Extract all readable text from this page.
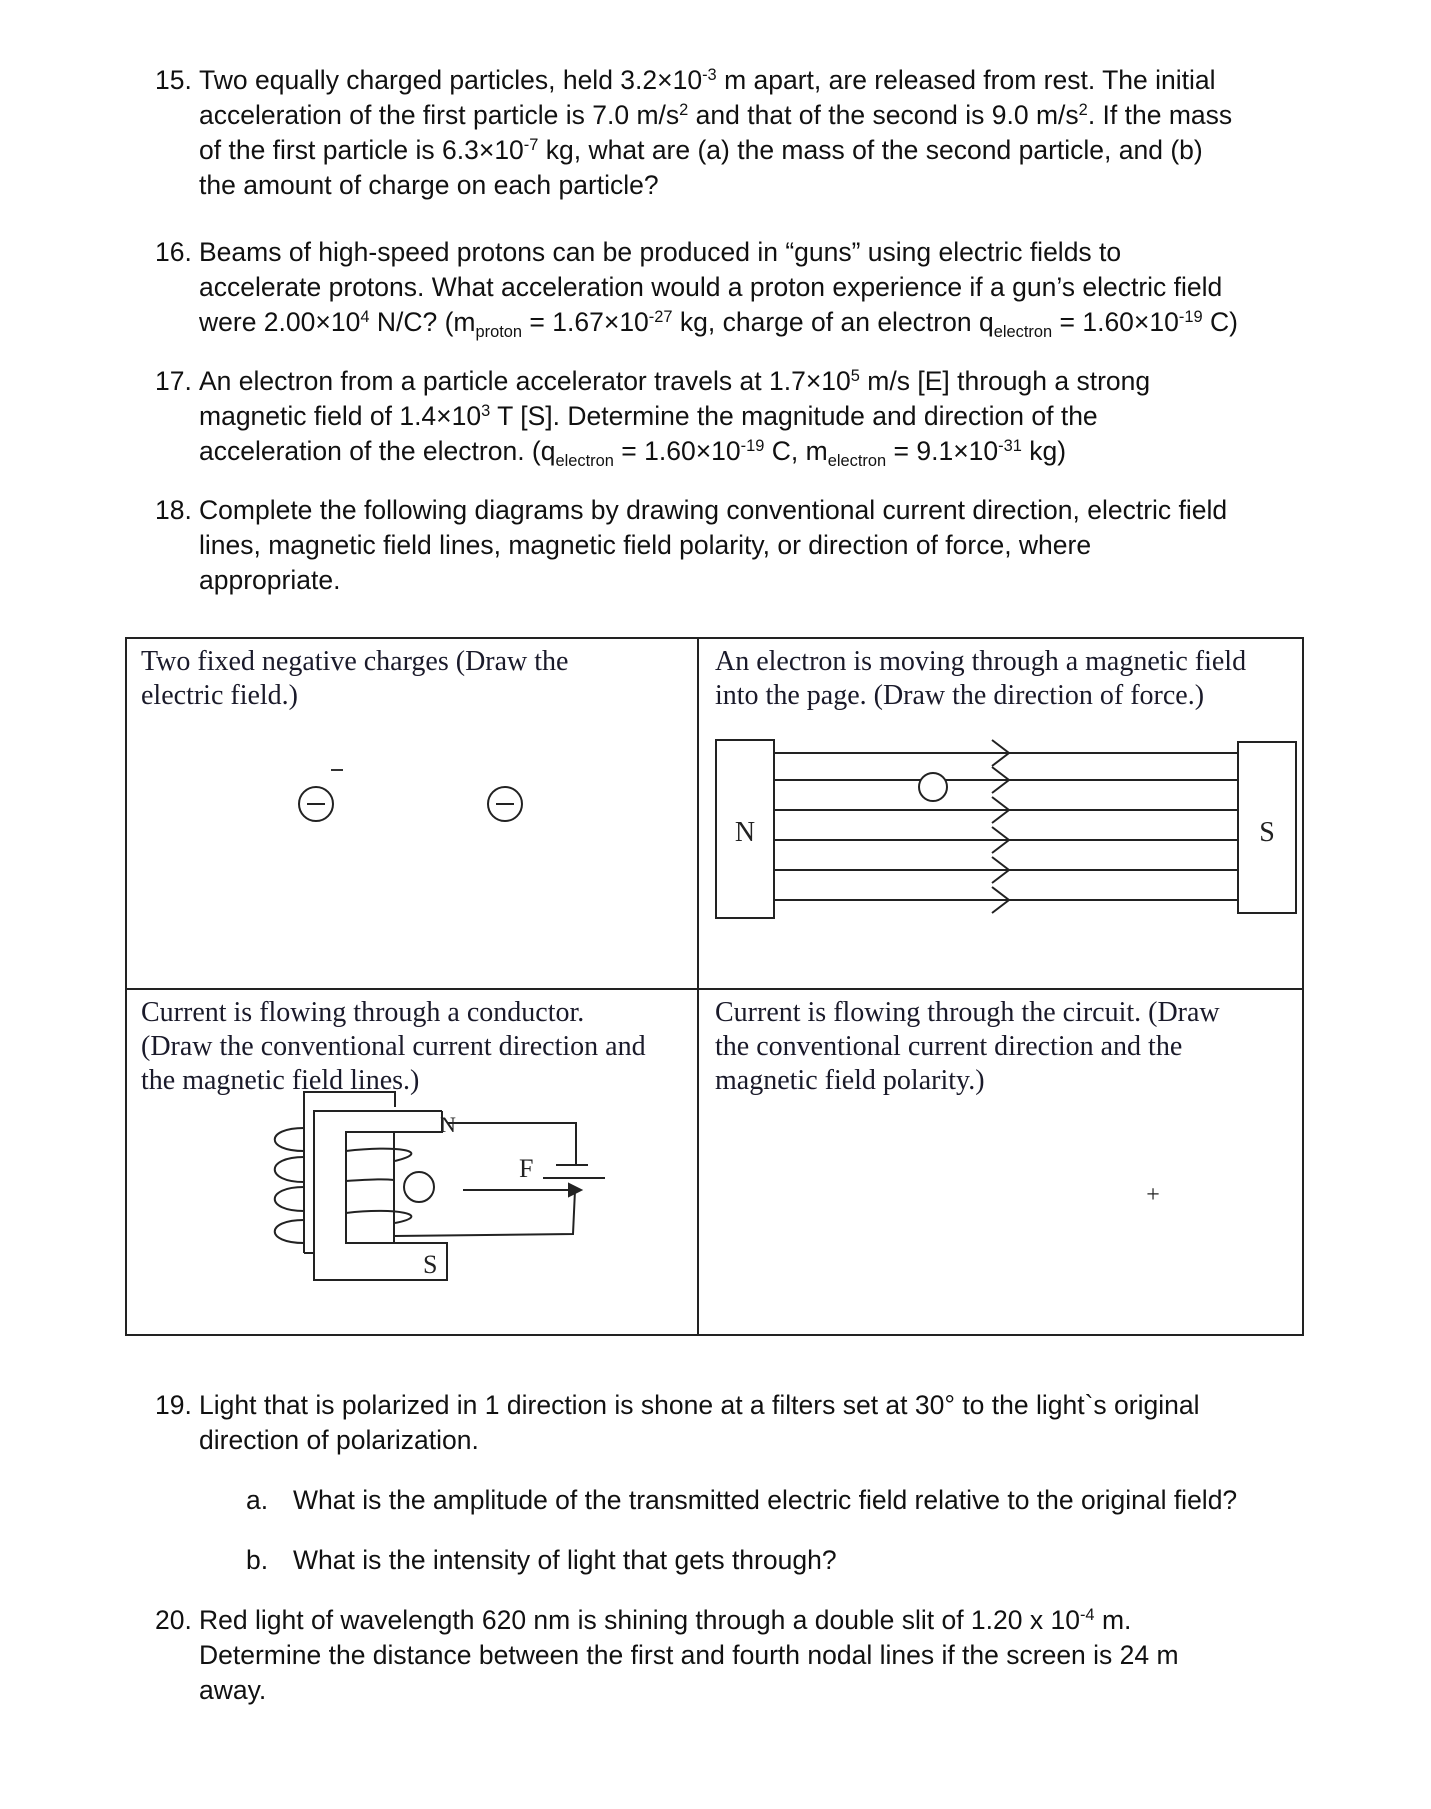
15. Two equally charged particles, held $3.2\times 10^{-3}$ m apart, are released from rest. The initial
acceleration of the first particle is 7.0 $m/s^2$ and that of the second is 9.0 $m/s^2$. If the mass
of the first particle is $6.3\times 10^{-7}$ kg, what are (a) the mass of the second particle, and (b)
the amount of charge on each particle?
16. Beams of high-speed protons can be produced in “guns” using electric fields to
accelerate protons. What acceleration would a proton experience if a gun’s electric field
were $2.00\times 10^4$ N/C? ($m_{proton} = 1.67\times 10^{-27}$ kg, charge of an electron $q_{electron} = 1.60\times 10^{-19}$ C)
17. An electron from a particle accelerator travels at $1.7\times 10^5$ m/s [E] through a strong
magnetic field of $1.4\times 10^3$ T [S]. Determine the magnitude and direction of the
acceleration of the electron. ($q_{electron} = 1.60\times 10^{-19}$ C, $m_{electron} = 9.1\times 10^{-31}$ kg)
18. Complete the following diagrams by drawing conventional current direction, electric field
lines, magnetic field lines, magnetic field polarity, or direction of force, where
appropriate.
Two fixed negative charges (Draw the
electric field.)
An electron is moving through a magnetic field
into the page. (Draw the direction of force.)
Current is flowing through a conductor.
(Draw the conventional current direction and
the magnetic field lines.)
Current is flowing through the circuit. (Draw
the conventional current direction and the
magnetic field polarity.)
N	S
N
S
F
+
19. Light that is polarized in 1 direction is shone at a filters set at 30° to the light`s original
direction of polarization.
a. What is the amplitude of the transmitted electric field relative to the original field?
b. What is the intensity of light that gets through?
20. Red light of wavelength 620 nm is shining through a double slit of 1.20 x $10^{-4}$ m.
Determine the distance between the first and fourth nodal lines if the screen is 24 m
away.
